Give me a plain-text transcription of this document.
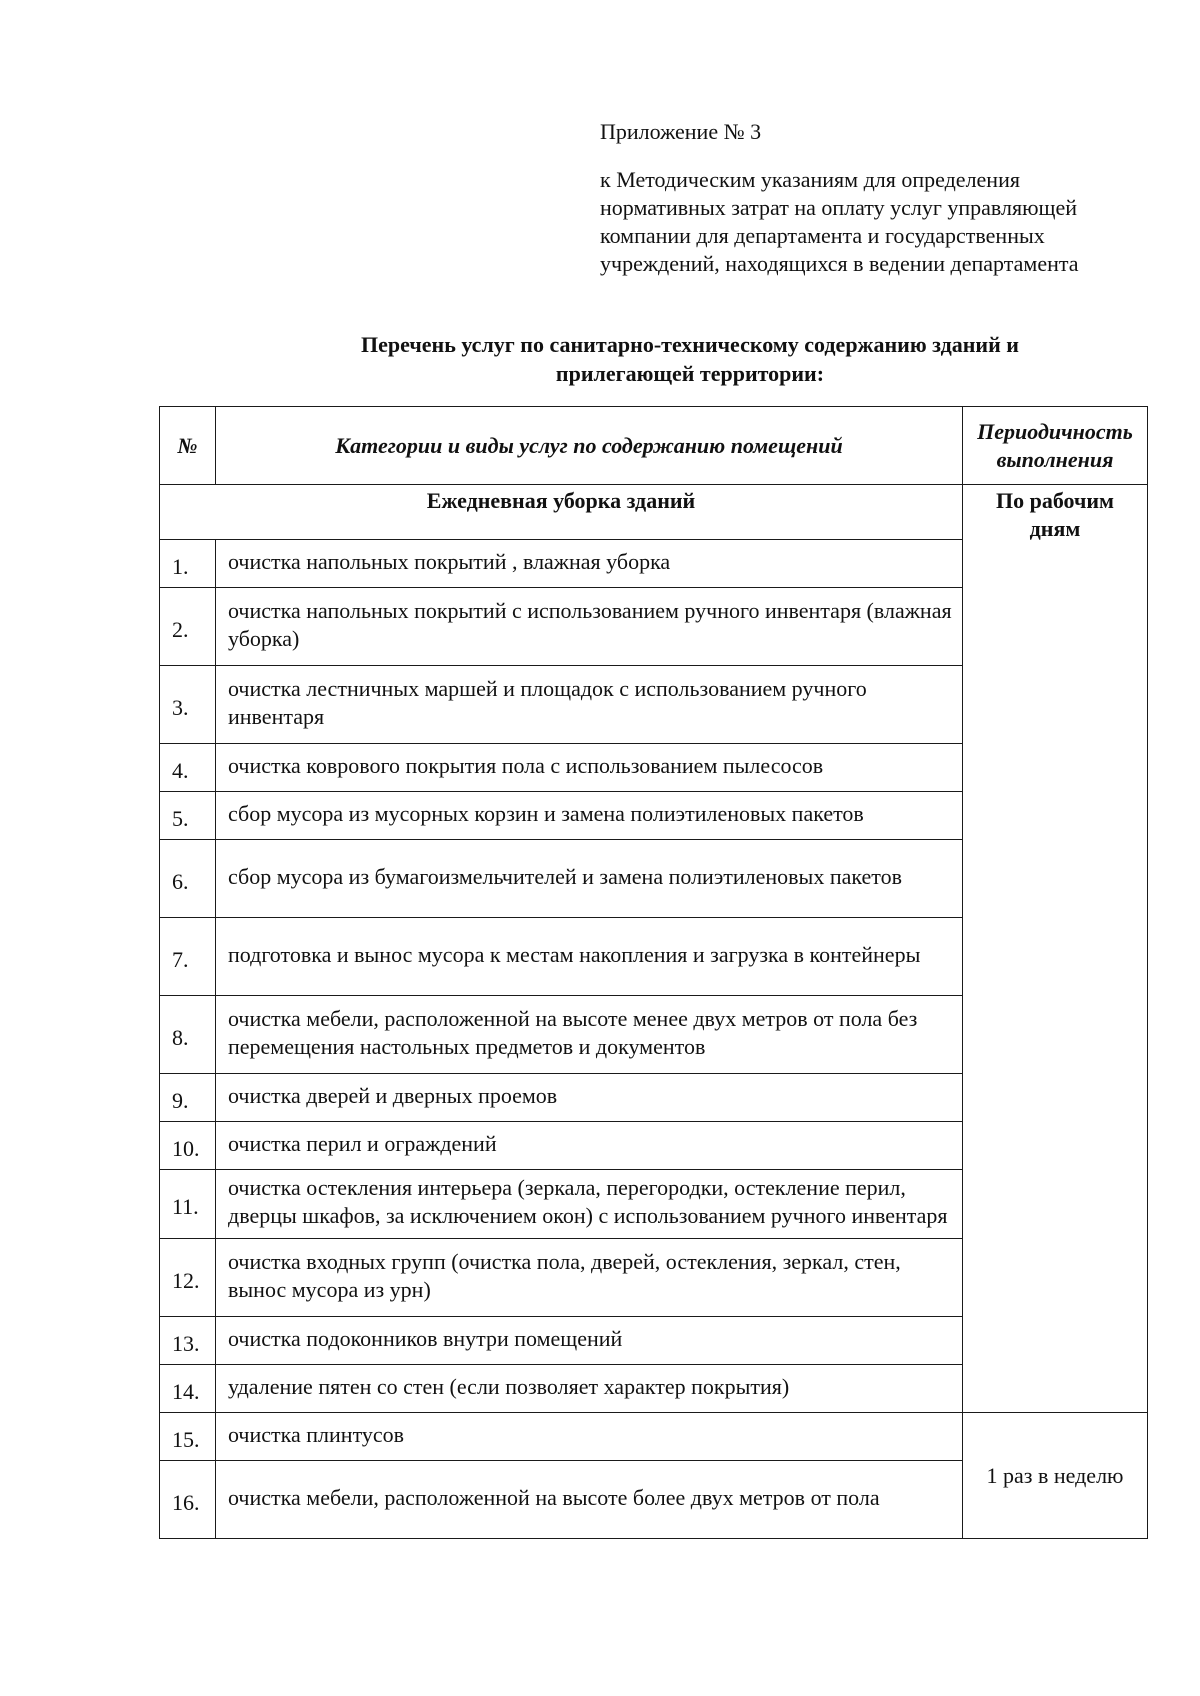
Приложение № 3

к Методическим указаниям для определения нормативных затрат на оплату услуг управляющей компании для департамента и государственных учреждений, находящихся в ведении департамента

Перечень услуг по санитарно-техническому содержанию зданий и прилегающей территории:
№	Категории и виды услуг по содержанию помещений	Периодичность выполнения
Ежедневная уборка зданий		По рабочим дням
1.	очистка напольных покрытий , влажная уборка	
2.	очистка напольных покрытий с использованием ручного инвентаря (влажная уборка)	
3.	очистка лестничных маршей и площадок с использованием ручного инвентаря	
4.	очистка коврового покрытия пола с использованием пылесосов	
5.	сбор мусора из мусорных корзин и замена полиэтиленовых пакетов	
6.	сбор мусора из бумагоизмельчителей и замена полиэтиленовых пакетов	
7.	подготовка и вынос мусора к местам накопления и загрузка в контейнеры	
8.	очистка мебели, расположенной на высоте менее двух метров от пола без перемещения настольных предметов и документов	
9.	очистка дверей и дверных проемов	
10.	очистка перил и ограждений	
11.	очистка остекления интерьера (зеркала, перегородки, остекление перил, дверцы шкафов, за исключением окон) с использованием ручного инвентаря	
12.	очистка входных групп (очистка пола, дверей, остекления, зеркал, стен, вынос мусора из урн)	
13.	очистка подоконников внутри помещений	
14.	удаление пятен со стен (если позволяет характер покрытия)	
15.	очистка плинтусов	1 раз в неделю
16.	очистка мебели, расположенной на высоте более двух метров от пола	
